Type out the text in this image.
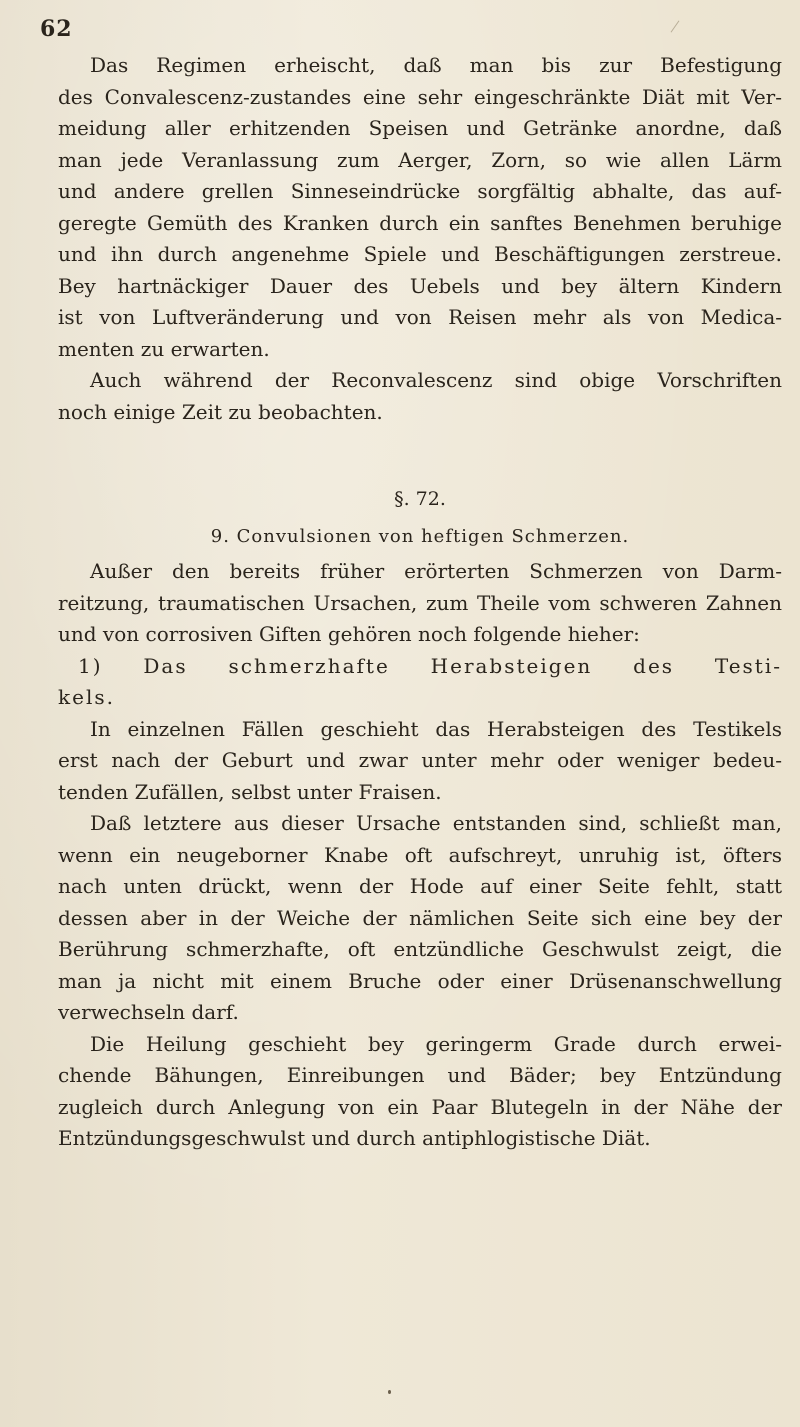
62
Das Regimen erheischt, daß man bis zur Befestigung
des Convalescenz-zustandes eine sehr eingeschränkte Diät mit Ver-
meidung aller erhitzenden Speisen und Getränke anordne, daß
man jede Veranlassung zum Aerger, Zorn, so wie allen Lärm
und andere grellen Sinneseindrücke sorgfältig abhalte, das auf-
geregte Gemüth des Kranken durch ein sanftes Benehmen beruhige
und ihn durch angenehme Spiele und Beschäftigungen zerstreue.
Bey hartnäckiger Dauer des Uebels und bey ältern Kindern
ist von Luftveränderung und von Reisen mehr als von Medica-
menten zu erwarten.
Auch während der Reconvalescenz sind obige Vorschriften
noch einige Zeit zu beobachten.
§. 72.
9. Convulsionen von heftigen Schmerzen.
Außer den bereits früher erörterten Schmerzen von Darm-
reitzung, traumatischen Ursachen, zum Theile vom schweren Zahnen
und von corrosiven Giften gehören noch folgende hieher:
1) Das schmerzhafte Herabsteigen des Testi-
kels.
In einzelnen Fällen geschieht das Herabsteigen des Testikels
erst nach der Geburt und zwar unter mehr oder weniger bedeu-
tenden Zufällen, selbst unter Fraisen.
Daß letztere aus dieser Ursache entstanden sind, schließt man,
wenn ein neugeborner Knabe oft aufschreyt, unruhig ist, öfters
nach unten drückt, wenn der Hode auf einer Seite fehlt, statt
dessen aber in der Weiche der nämlichen Seite sich eine bey der
Berührung schmerzhafte, oft entzündliche Geschwulst zeigt, die
man ja nicht mit einem Bruche oder einer Drüsenanschwellung
verwechseln darf.
Die Heilung geschieht bey geringerm Grade durch erwei-
chende Bähungen, Einreibungen und Bäder; bey Entzündung
zugleich durch Anlegung von ein Paar Blutegeln in der Nähe der
Entzündungsgeschwulst und durch antiphlogistische Diät.
